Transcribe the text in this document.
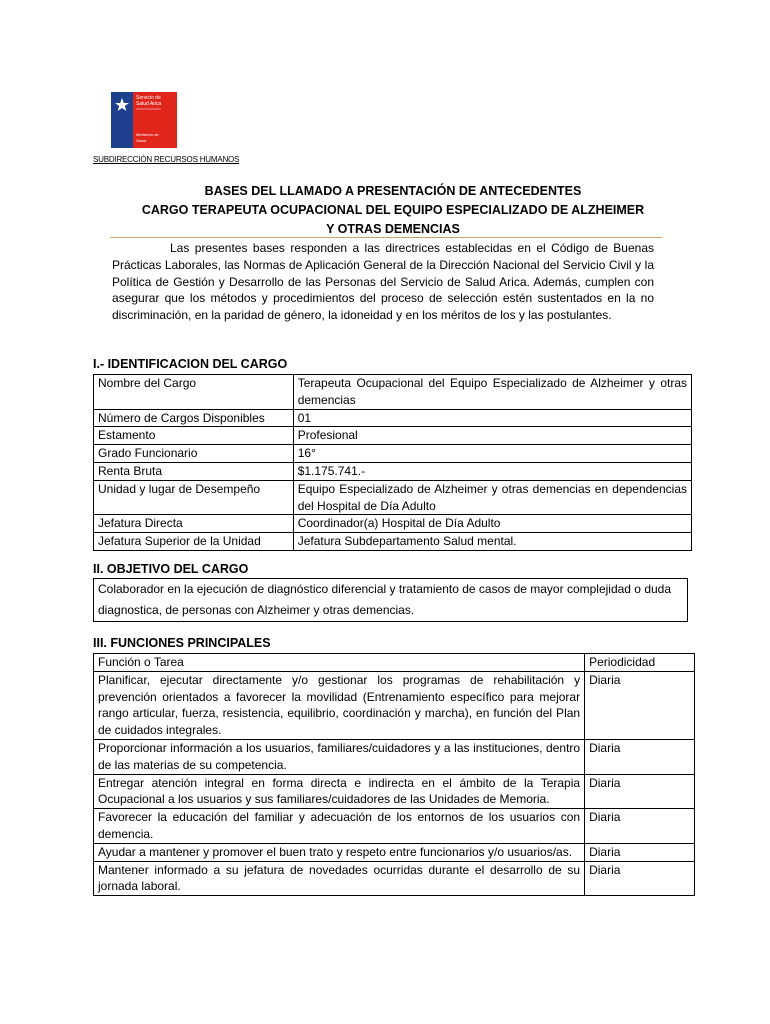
Servicio de
Salud Arica
Ministerio de
Salud
SUBDIRECCIÓN RECURSOS HUMANOS
BASES DEL LLAMADO A PRESENTACIÓN DE ANTECEDENTES
CARGO TERAPEUTA OCUPACIONAL DEL EQUIPO ESPECIALIZADO DE ALZHEIMER
Y OTRAS DEMENCIAS

Las presentes bases responden a las directrices establecidas en el Código de Buenas Prácticas Laborales, las Normas de Aplicación General de la Dirección Nacional del Servicio Civil y la Política de Gestión y Desarrollo de las Personas del Servicio de Salud Arica. Además, cumplen con asegurar que los métodos y procedimientos del proceso de selección estén sustentados en la no discriminación, en la paridad de género, la idoneidad y en los méritos de los y las postulantes.

I.- IDENTIFICACION DEL CARGO
Nombre del Cargo	Terapeuta Ocupacional del Equipo Especializado de Alzheimer y otras demencias
Número de Cargos Disponibles	01
Estamento	Profesional
Grado Funcionario	16°
Renta Bruta	$1.175.741.-
Unidad y lugar de Desempeño	Equipo Especializado de Alzheimer y otras demencias en dependencias del Hospital de Día Adulto
Jefatura Directa	Coordinador(a) Hospital de Día Adulto
Jefatura Superior de la Unidad	Jefatura Subdepartamento Salud mental.
II. OBJETIVO DEL CARGO
Colaborador en la ejecución de diagnóstico diferencial y tratamiento de casos de mayor complejidad o duda diagnostica, de personas con Alzheimer y otras demencias.
III. FUNCIONES PRINCIPALES
Función o Tarea	Periodicidad
Planificar, ejecutar directamente y/o gestionar los programas de rehabilitación y prevención orientados a favorecer la movilidad (Entrenamiento específico para mejorar rango articular, fuerza, resistencia, equilibrio, coordinación y marcha), en función del Plan de cuidados integrales.	Diaria
Proporcionar información a los usuarios, familiares/cuidadores y a las instituciones, dentro de las materias de su competencia.	Diaria
Entregar atención integral en forma directa e indirecta en el ámbito de la Terapia Ocupacional a los usuarios y sus familiares/cuidadores de las Unidades de Memoria.	Diaria
Favorecer la educación del familiar y adecuación de los entornos de los usuarios con demencia.	Diaria
Ayudar a mantener y promover el buen trato y respeto entre funcionarios y/o usuarios/as.	Diaria
Mantener informado a su jefatura de novedades ocurridas durante el desarrollo de su jornada laboral.	Diaria
